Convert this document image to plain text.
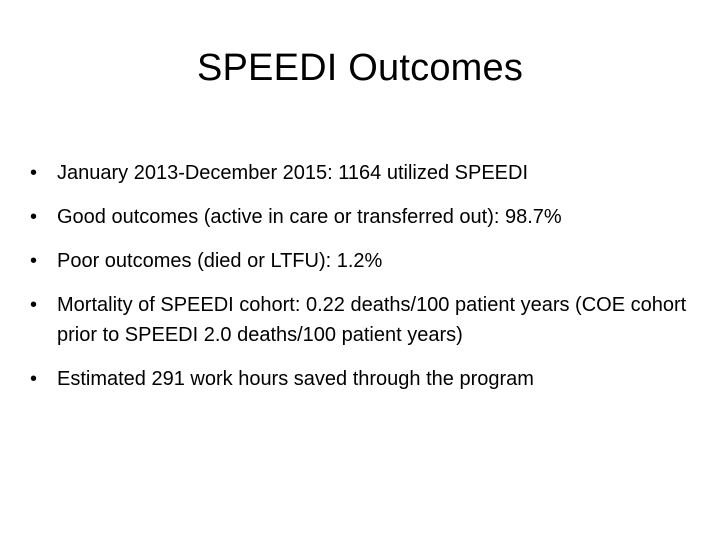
SPEEDI Outcomes
• January 2013-December 2015: 1164 utilized SPEEDI
• Good outcomes (active in care or transferred out): 98.7%
• Poor outcomes (died or LTFU): 1.2%
• Mortality of SPEEDI cohort: 0.22 deaths/100 patient years (COE cohort prior to SPEEDI 2.0 deaths/100 patient years)
• Estimated 291 work hours saved through the program
